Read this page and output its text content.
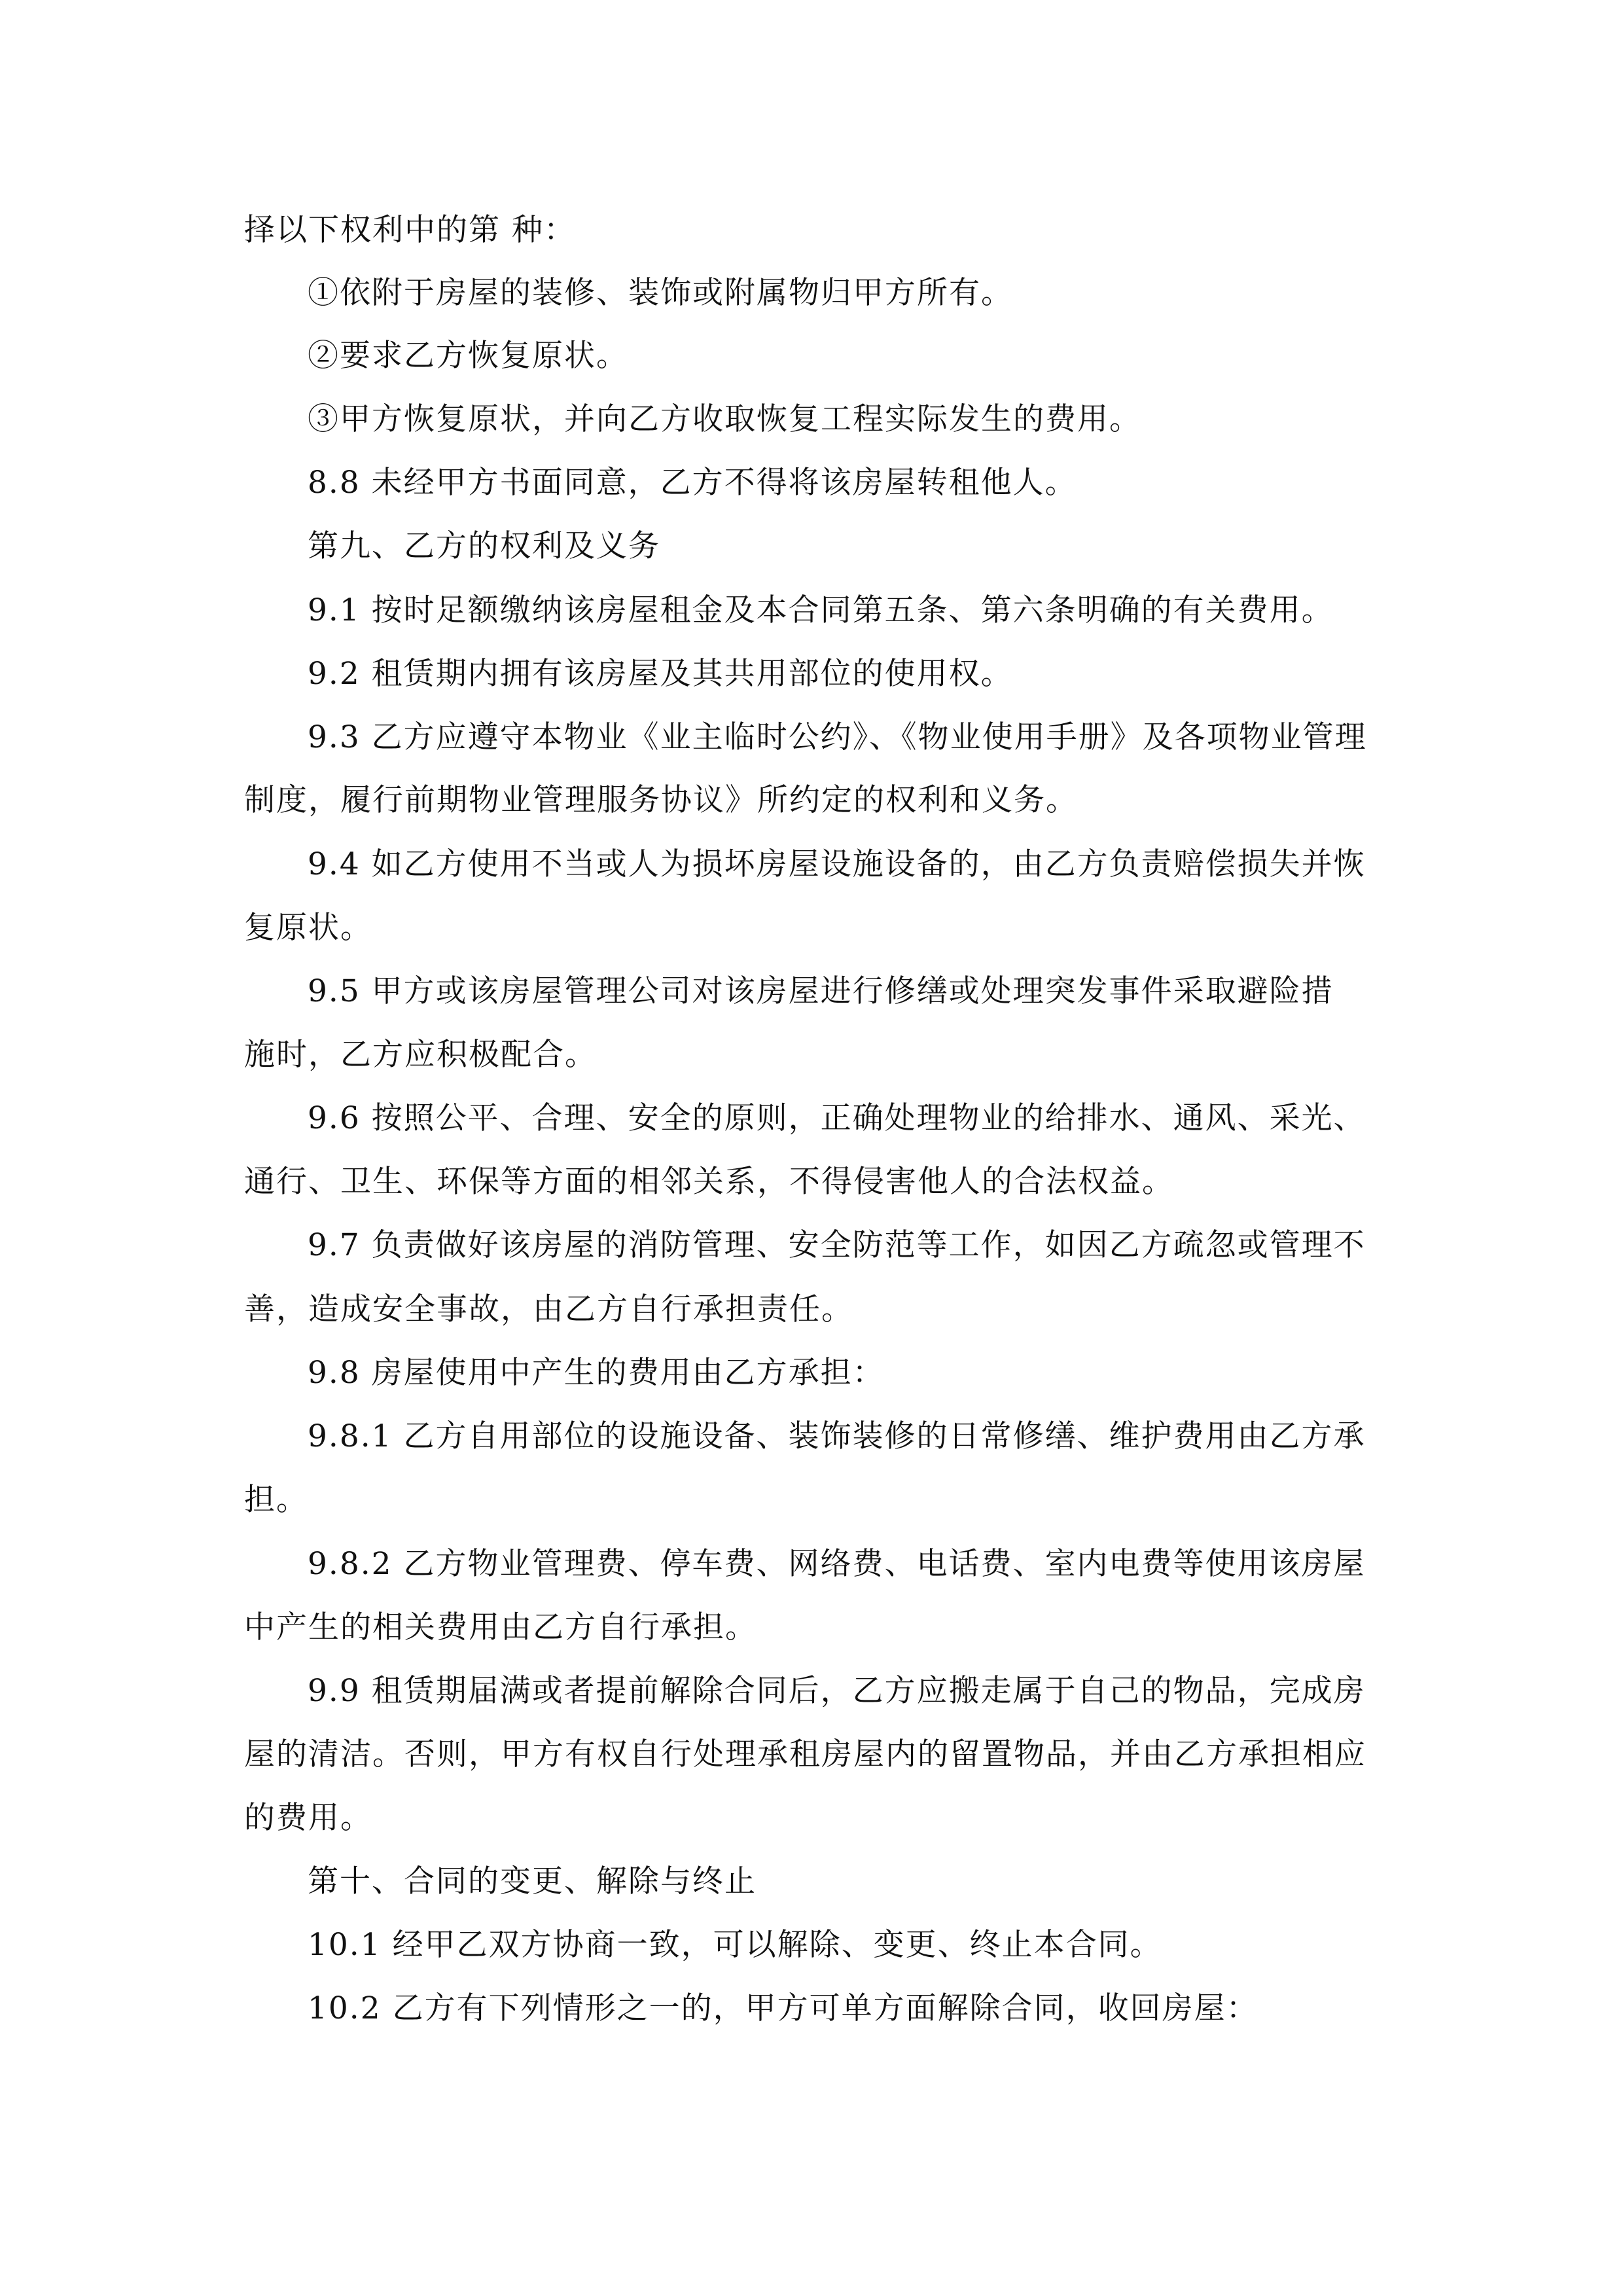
择以下权利中的第 种：
①依附于房屋的装修、装饰或附属物归甲方所有。
②要求乙方恢复原状。
③甲方恢复原状，并向乙方收取恢复工程实际发生的费用。
8.8 未经甲方书面同意，乙方不得将该房屋转租他人。
第九、乙方的权利及义务
9.1 按时足额缴纳该房屋租金及本合同第五条、第六条明确的有关费用。
9.2 租赁期内拥有该房屋及其共用部位的使用权。
9.3 乙方应遵守本物业《业主临时公约》、《物业使用手册》及各项物业管理
制度，履行前期物业管理服务协议》所约定的权利和义务。
9.4 如乙方使用不当或人为损坏房屋设施设备的，由乙方负责赔偿损失并恢
复原状。
9.5 甲方或该房屋管理公司对该房屋进行修缮或处理突发事件采取避险措
施时，乙方应积极配合。
9.6 按照公平、合理、安全的原则，正确处理物业的给排水、通风、采光、
通行、卫生、环保等方面的相邻关系，不得侵害他人的合法权益。
9.7 负责做好该房屋的消防管理、安全防范等工作，如因乙方疏忽或管理不
善，造成安全事故，由乙方自行承担责任。
9.8 房屋使用中产生的费用由乙方承担：
9.8.1 乙方自用部位的设施设备、装饰装修的日常修缮、维护费用由乙方承
担。
9.8.2 乙方物业管理费、停车费、网络费、电话费、室内电费等使用该房屋
中产生的相关费用由乙方自行承担。
9.9 租赁期届满或者提前解除合同后，乙方应搬走属于自己的物品，完成房
屋的清洁。否则，甲方有权自行处理承租房屋内的留置物品，并由乙方承担相应
的费用。
第十、合同的变更、解除与终止
10.1 经甲乙双方协商一致，可以解除、变更、终止本合同。
10.2 乙方有下列情形之一的，甲方可单方面解除合同，收回房屋：
